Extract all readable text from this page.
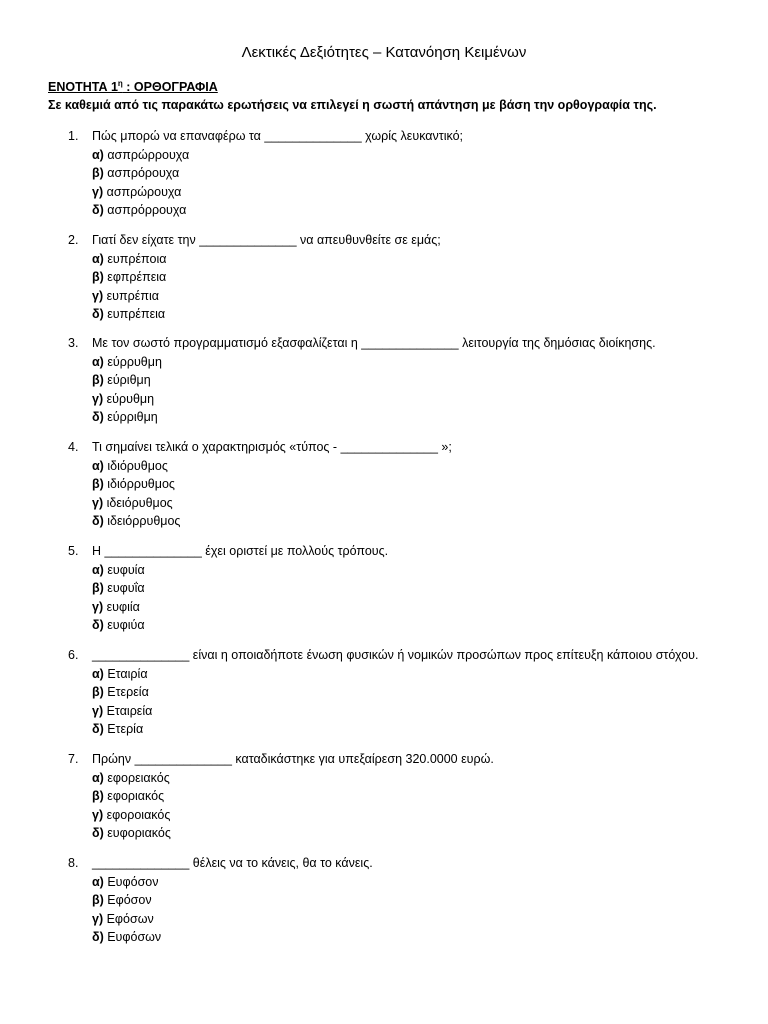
Λεκτικές Δεξιότητες – Κατανόηση Κειμένων
ΕΝΟΤΗΤΑ $1^\eta$ : ΟΡΘΟΓΡΑΦΙΑ
Σε καθεμιά από τις παρακάτω ερωτήσεις να επιλεγεί η σωστή απάντηση με βάση την ορθογραφία της.
1.	Πώς μπορώ να επαναφέρω τα ______________ χωρίς λευκαντικό;
α) ασπρώρρουχα
β) ασπρόρουχα
γ) ασπρώρουχα
δ) ασπρόρρουχα
2.	Γιατί δεν είχατε την ______________ να απευθυνθείτε σε εμάς;
α) ευπρέποια
β) εφπρέπεια
γ) ευπρέπια
δ) ευπρέπεια
3.	Με τον σωστό προγραμματισμό εξασφαλίζεται η ______________ λειτουργία της δημόσιας διοίκησης.
α) εύρρυθμη
β) εύριθμη
γ) εύρυθμη
δ) εύρριθμη
4.	Τι σημαίνει τελικά ο χαρακτηρισμός «τύπος - ______________ »;
α) ιδιόρυθμος
β) ιδιόρρυθμος
γ) ιδειόρυθμος
δ) ιδειόρρυθμος
5.	Η ______________ έχει οριστεί με πολλούς τρόπους.
α) ευφυία
β) ευφυΐα
γ) ευφιία
δ) ευφιύα
6.	______________ είναι η οποιαδήποτε ένωση φυσικών ή νομικών προσώπων προς επίτευξη κάποιου στόχου.
α) Εταιρία
β) Ετερεία
γ) Εταιρεία
δ) Ετερία
7.	Πρώην ______________ καταδικάστηκε για υπεξαίρεση 320.0000 ευρώ.
α) εφορειακός
β) εφοριακός
γ) εφοροιακός
δ) ευφοριακός
8.	______________ θέλεις να το κάνεις, θα το κάνεις.
α) Ευφόσον
β) Εφόσον
γ) Εφόσων
δ) Ευφόσων
